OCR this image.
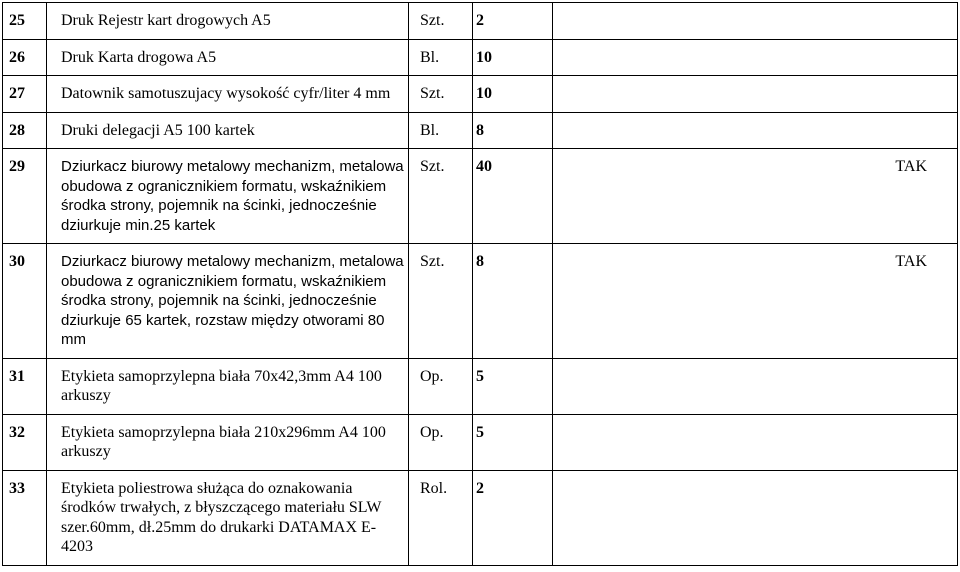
25	Druk Rejestr kart drogowych A5	Szt.	2	
26	Druk Karta drogowa A5	Bl.	10	
27	Datownik samotuszujacy wysokość cyfr/liter 4 mm	Szt.	10	
28	Druki delegacji A5 100 kartek	Bl.	8	
29	Dziurkacz biurowy metalowy mechanizm, metalowa obudowa z ogranicznikiem formatu, wskaźnikiem środka strony, pojemnik na ścinki, jednocześnie dziurkuje min.25 kartek	Szt.	40	TAK
30	Dziurkacz biurowy metalowy mechanizm, metalowa obudowa z ogranicznikiem formatu, wskaźnikiem środka strony, pojemnik na ścinki, jednocześnie dziurkuje 65 kartek, rozstaw między otworami 80 mm	Szt.	8	TAK
31	Etykieta samoprzylepna biała 70x42,3mm A4 100 arkuszy	Op.	5	
32	Etykieta samoprzylepna biała 210x296mm A4 100 arkuszy	Op.	5	
33	Etykieta poliestrowa służąca do oznakowania środków trwałych, z błyszczącego materiału SLW szer.60mm, dł.25mm do drukarki DATAMAX E-4203	Rol.	2	
